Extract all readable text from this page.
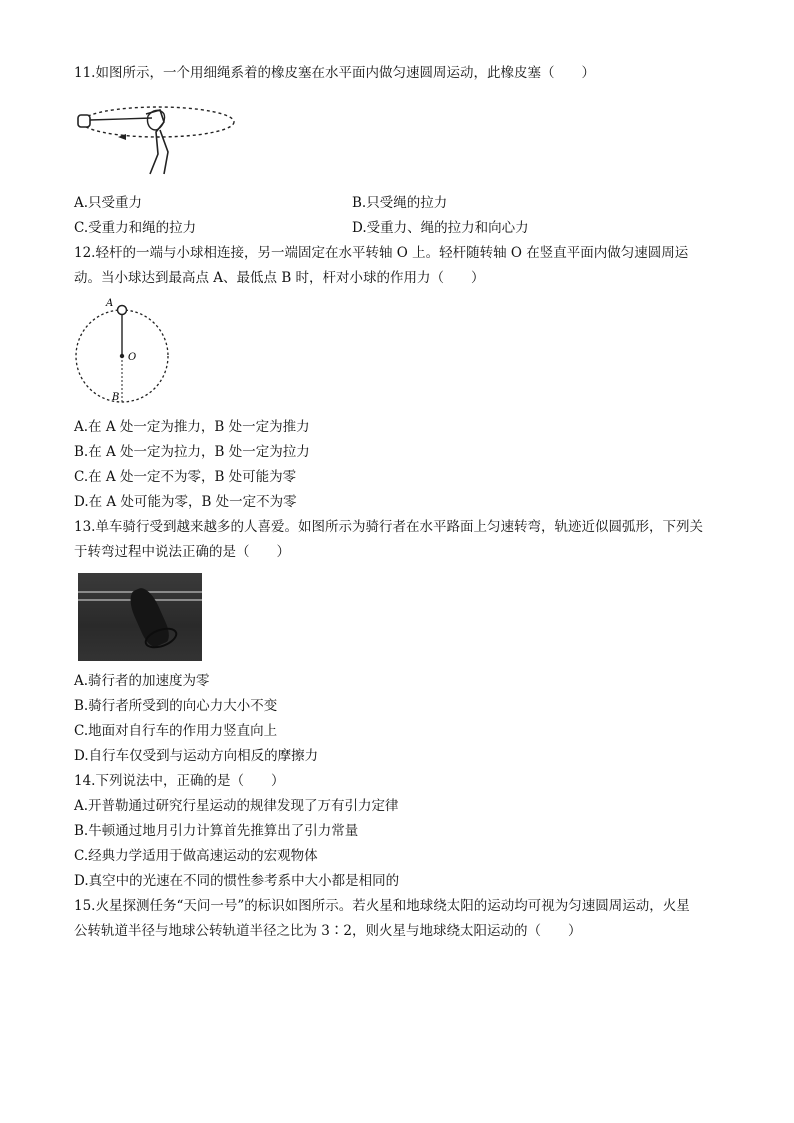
11.如图所示，一个用细绳系着的橡皮塞在水平面内做匀速圆周运动，此橡皮塞（　　）
A.只受重力	B.只受绳的拉力
C.受重力和绳的拉力	D.受重力、绳的拉力和向心力
12.轻杆的一端与小球相连接，另一端固定在水平转轴 O 上。轻杆随转轴 O 在竖直平面内做匀速圆周运
动。当小球达到最高点 A、最低点 B 时，杆对小球的作用力（　　）
A
O
B
A.在 A 处一定为推力，B 处一定为推力
B.在 A 处一定为拉力，B 处一定为拉力
C.在 A 处一定不为零，B 处可能为零
D.在 A 处可能为零，B 处一定不为零
13.单车骑行受到越来越多的人喜爱。如图所示为骑行者在水平路面上匀速转弯，轨迹近似圆弧形，下列关
于转弯过程中说法正确的是（　　）
A.骑行者的加速度为零
B.骑行者所受到的向心力大小不变
C.地面对自行车的作用力竖直向上
D.自行车仅受到与运动方向相反的摩擦力
14.下列说法中，正确的是（　　）
A.开普勒通过研究行星运动的规律发现了万有引力定律
B.牛顿通过地月引力计算首先推算出了引力常量
C.经典力学适用于做高速运动的宏观物体
D.真空中的光速在不同的惯性参考系中大小都是相同的
15.火星探测任务“天问一号”的标识如图所示。若火星和地球绕太阳的运动均可视为匀速圆周运动，火星
公转轨道半径与地球公转轨道半径之比为 3∶2，则火星与地球绕太阳运动的（　　）
